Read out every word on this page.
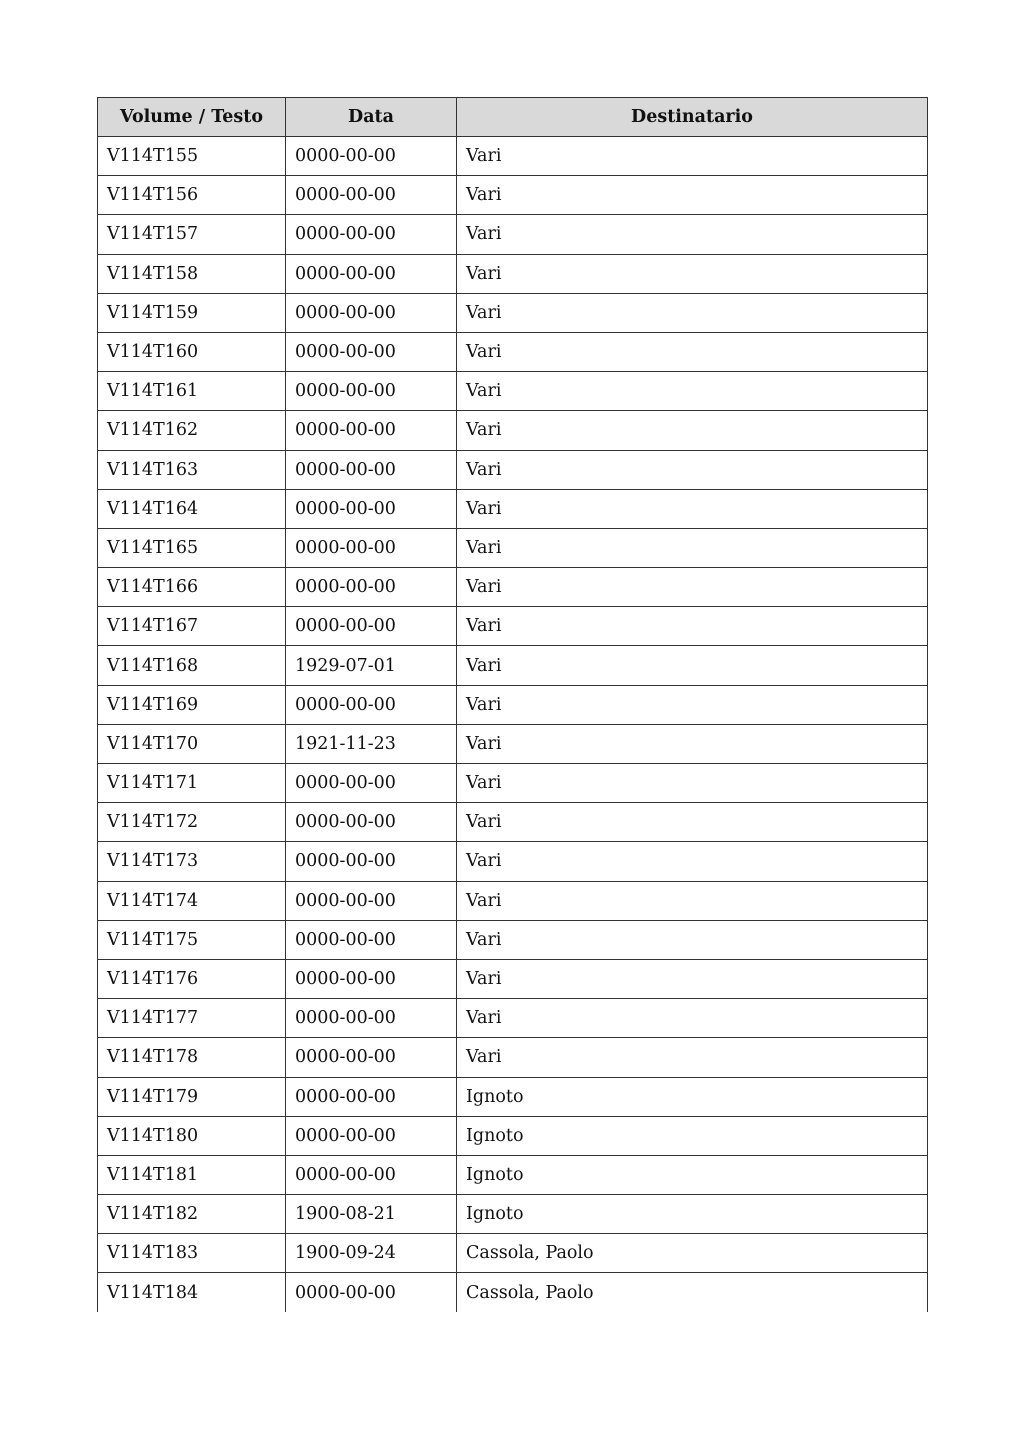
Volume / Testo	Data	Destinatario
V114T155	0000-00-00	Vari
V114T156	0000-00-00	Vari
V114T157	0000-00-00	Vari
V114T158	0000-00-00	Vari
V114T159	0000-00-00	Vari
V114T160	0000-00-00	Vari
V114T161	0000-00-00	Vari
V114T162	0000-00-00	Vari
V114T163	0000-00-00	Vari
V114T164	0000-00-00	Vari
V114T165	0000-00-00	Vari
V114T166	0000-00-00	Vari
V114T167	0000-00-00	Vari
V114T168	1929-07-01	Vari
V114T169	0000-00-00	Vari
V114T170	1921-11-23	Vari
V114T171	0000-00-00	Vari
V114T172	0000-00-00	Vari
V114T173	0000-00-00	Vari
V114T174	0000-00-00	Vari
V114T175	0000-00-00	Vari
V114T176	0000-00-00	Vari
V114T177	0000-00-00	Vari
V114T178	0000-00-00	Vari
V114T179	0000-00-00	Ignoto
V114T180	0000-00-00	Ignoto
V114T181	0000-00-00	Ignoto
V114T182	1900-08-21	Ignoto
V114T183	1900-09-24	Cassola, Paolo
V114T184	0000-00-00	Cassola, Paolo
